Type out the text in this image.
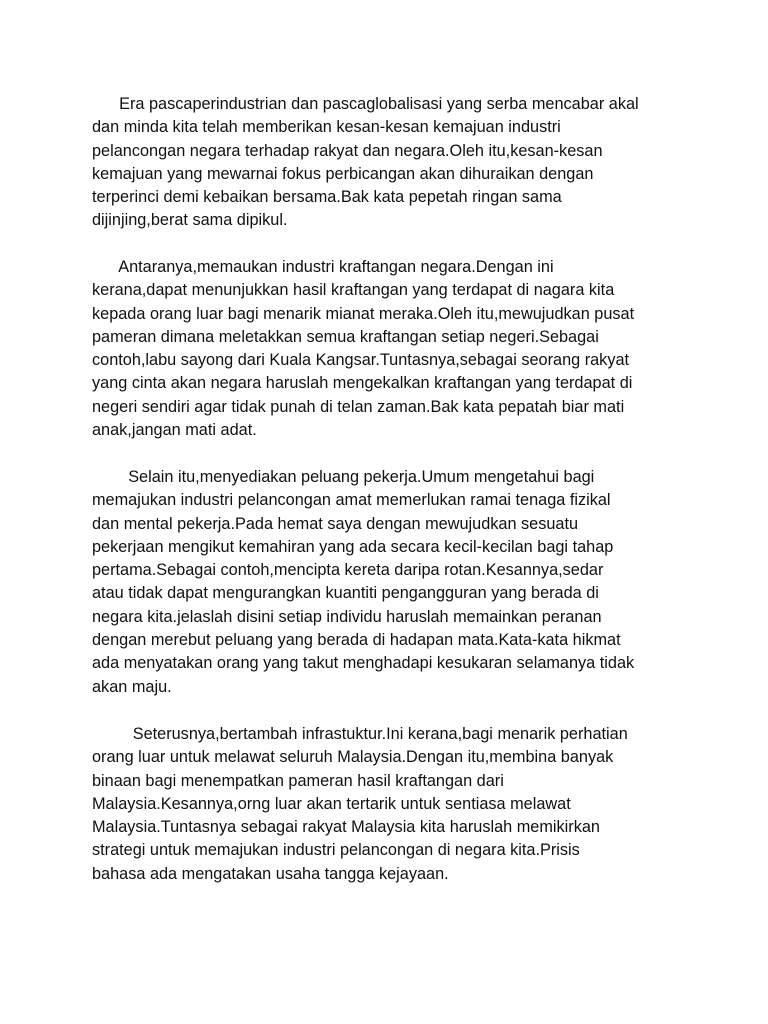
Era pascaperindustrian dan pascaglobalisasi yang serba mencabar akal
dan minda kita telah memberikan kesan-kesan kemajuan industri
pelancongan negara terhadap rakyat dan negara.Oleh itu,kesan-kesan
kemajuan yang mewarnai fokus perbicangan akan dihuraikan dengan
terperinci demi kebaikan bersama.Bak kata pepetah ringan sama
dijinjing,berat sama dipikul.

Antaranya,memaukan industri kraftangan negara.Dengan ini
kerana,dapat menunjukkan hasil kraftangan yang terdapat di nagara kita
kepada orang luar bagi menarik mianat meraka.Oleh itu,mewujudkan pusat
pameran dimana meletakkan semua kraftangan setiap negeri.Sebagai
contoh,labu sayong dari Kuala Kangsar.Tuntasnya,sebagai seorang rakyat
yang cinta akan negara haruslah mengekalkan kraftangan yang terdapat di
negeri sendiri agar tidak punah di telan zaman.Bak kata pepatah biar mati
anak,jangan mati adat.

Selain itu,menyediakan peluang pekerja.Umum mengetahui bagi
memajukan industri pelancongan amat memerlukan ramai tenaga fizikal
dan mental pekerja.Pada hemat saya dengan mewujudkan sesuatu
pekerjaan mengikut kemahiran yang ada secara kecil-kecilan bagi tahap
pertama.Sebagai contoh,mencipta kereta daripa rotan.Kesannya,sedar
atau tidak dapat mengurangkan kuantiti pengangguran yang berada di
negara kita.jelaslah disini setiap individu haruslah memainkan peranan
dengan merebut peluang yang berada di hadapan mata.Kata-kata hikmat
ada menyatakan orang yang takut menghadapi kesukaran selamanya tidak
akan maju.

Seterusnya,bertambah infrastuktur.Ini kerana,bagi menarik perhatian
orang luar untuk melawat seluruh Malaysia.Dengan itu,membina banyak
binaan bagi menempatkan pameran hasil kraftangan dari
Malaysia.Kesannya,orng luar akan tertarik untuk sentiasa melawat
Malaysia.Tuntasnya sebagai rakyat Malaysia kita haruslah memikirkan
strategi untuk memajukan industri pelancongan di negara kita.Prisis
bahasa ada mengatakan usaha tangga kejayaan.
